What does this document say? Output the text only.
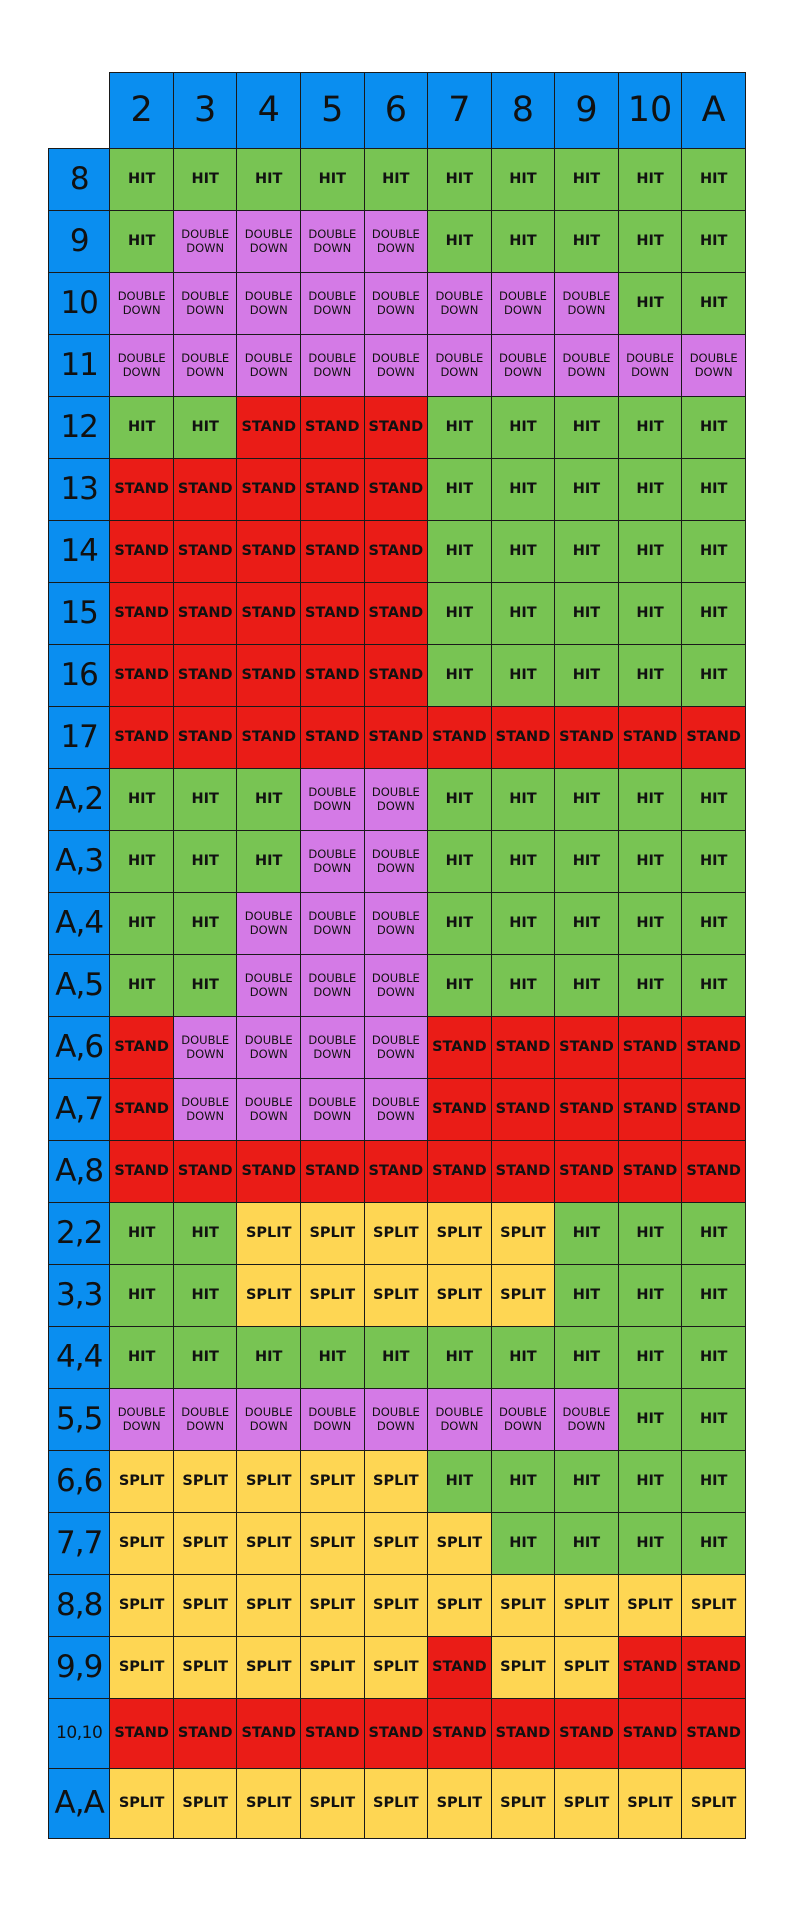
	2	3	4	5	6	7	8	9	10	A
8	HIT	HIT	HIT	HIT	HIT	HIT	HIT	HIT	HIT	HIT
9	HIT	DOUBLE
DOWN	DOUBLE
DOWN	DOUBLE
DOWN	DOUBLE
DOWN	HIT	HIT	HIT	HIT	HIT
10	DOUBLE
DOWN	DOUBLE
DOWN	DOUBLE
DOWN	DOUBLE
DOWN	DOUBLE
DOWN	DOUBLE
DOWN	DOUBLE
DOWN	DOUBLE
DOWN	HIT	HIT
11	DOUBLE
DOWN	DOUBLE
DOWN	DOUBLE
DOWN	DOUBLE
DOWN	DOUBLE
DOWN	DOUBLE
DOWN	DOUBLE
DOWN	DOUBLE
DOWN	DOUBLE
DOWN	DOUBLE
DOWN

12	HIT	HIT	STAND	STAND	STAND	HIT	HIT	HIT	HIT	HIT
13	STAND	STAND	STAND	STAND	STAND	HIT	HIT	HIT	HIT	HIT
14	STAND	STAND	STAND	STAND	STAND	HIT	HIT	HIT	HIT	HIT
15	STAND	STAND	STAND	STAND	STAND	HIT	HIT	HIT	HIT	HIT
16	STAND	STAND	STAND	STAND	STAND	HIT	HIT	HIT	HIT	HIT
17	STAND	STAND	STAND	STAND	STAND	STAND	STAND	STAND	STAND	STAND
A,2	HIT	HIT	HIT	DOUBLE
DOWN	DOUBLE
DOWN	HIT	HIT	HIT	HIT	HIT
A,3	HIT	HIT	HIT	DOUBLE
DOWN	DOUBLE
DOWN	HIT	HIT	HIT	HIT	HIT
A,4	HIT	HIT	DOUBLE
DOWN	DOUBLE
DOWN	DOUBLE
DOWN	HIT	HIT	HIT	HIT	HIT
A,5	HIT	HIT	DOUBLE
DOWN	DOUBLE
DOWN	DOUBLE
DOWN	HIT	HIT	HIT	HIT	HIT
A,6	STAND	DOUBLE
DOWN	DOUBLE
DOWN	DOUBLE
DOWN	DOUBLE
DOWN	STAND	STAND	STAND	STAND	STAND
A,7	STAND	DOUBLE
DOWN	DOUBLE
DOWN	DOUBLE
DOWN	DOUBLE
DOWN	STAND	STAND	STAND	STAND	STAND
A,8	STAND	STAND	STAND	STAND	STAND	STAND	STAND	STAND	STAND	STAND
2,2	HIT	HIT	SPLIT	SPLIT	SPLIT	SPLIT	SPLIT	HIT	HIT	HIT
3,3	HIT	HIT	SPLIT	SPLIT	SPLIT	SPLIT	SPLIT	HIT	HIT	HIT
4,4	HIT	HIT	HIT	HIT	HIT	HIT	HIT	HIT	HIT	HIT
5,5	DOUBLE
DOWN	DOUBLE
DOWN	DOUBLE
DOWN	DOUBLE
DOWN	DOUBLE
DOWN	DOUBLE
DOWN	DOUBLE
DOWN	DOUBLE
DOWN	HIT	HIT
6,6	SPLIT	SPLIT	SPLIT	SPLIT	SPLIT	HIT	HIT	HIT	HIT	HIT
7,7	SPLIT	SPLIT	SPLIT	SPLIT	SPLIT	SPLIT	HIT	HIT	HIT	HIT
8,8	SPLIT	SPLIT	SPLIT	SPLIT	SPLIT	SPLIT	SPLIT	SPLIT	SPLIT	SPLIT
9,9	SPLIT	SPLIT	SPLIT	SPLIT	SPLIT	STAND	SPLIT	SPLIT	STAND	STAND
10,10	STAND	STAND	STAND	STAND	STAND	STAND	STAND	STAND	STAND	STAND
A,A	SPLIT	SPLIT	SPLIT	SPLIT	SPLIT	SPLIT	SPLIT	SPLIT	SPLIT	SPLIT
